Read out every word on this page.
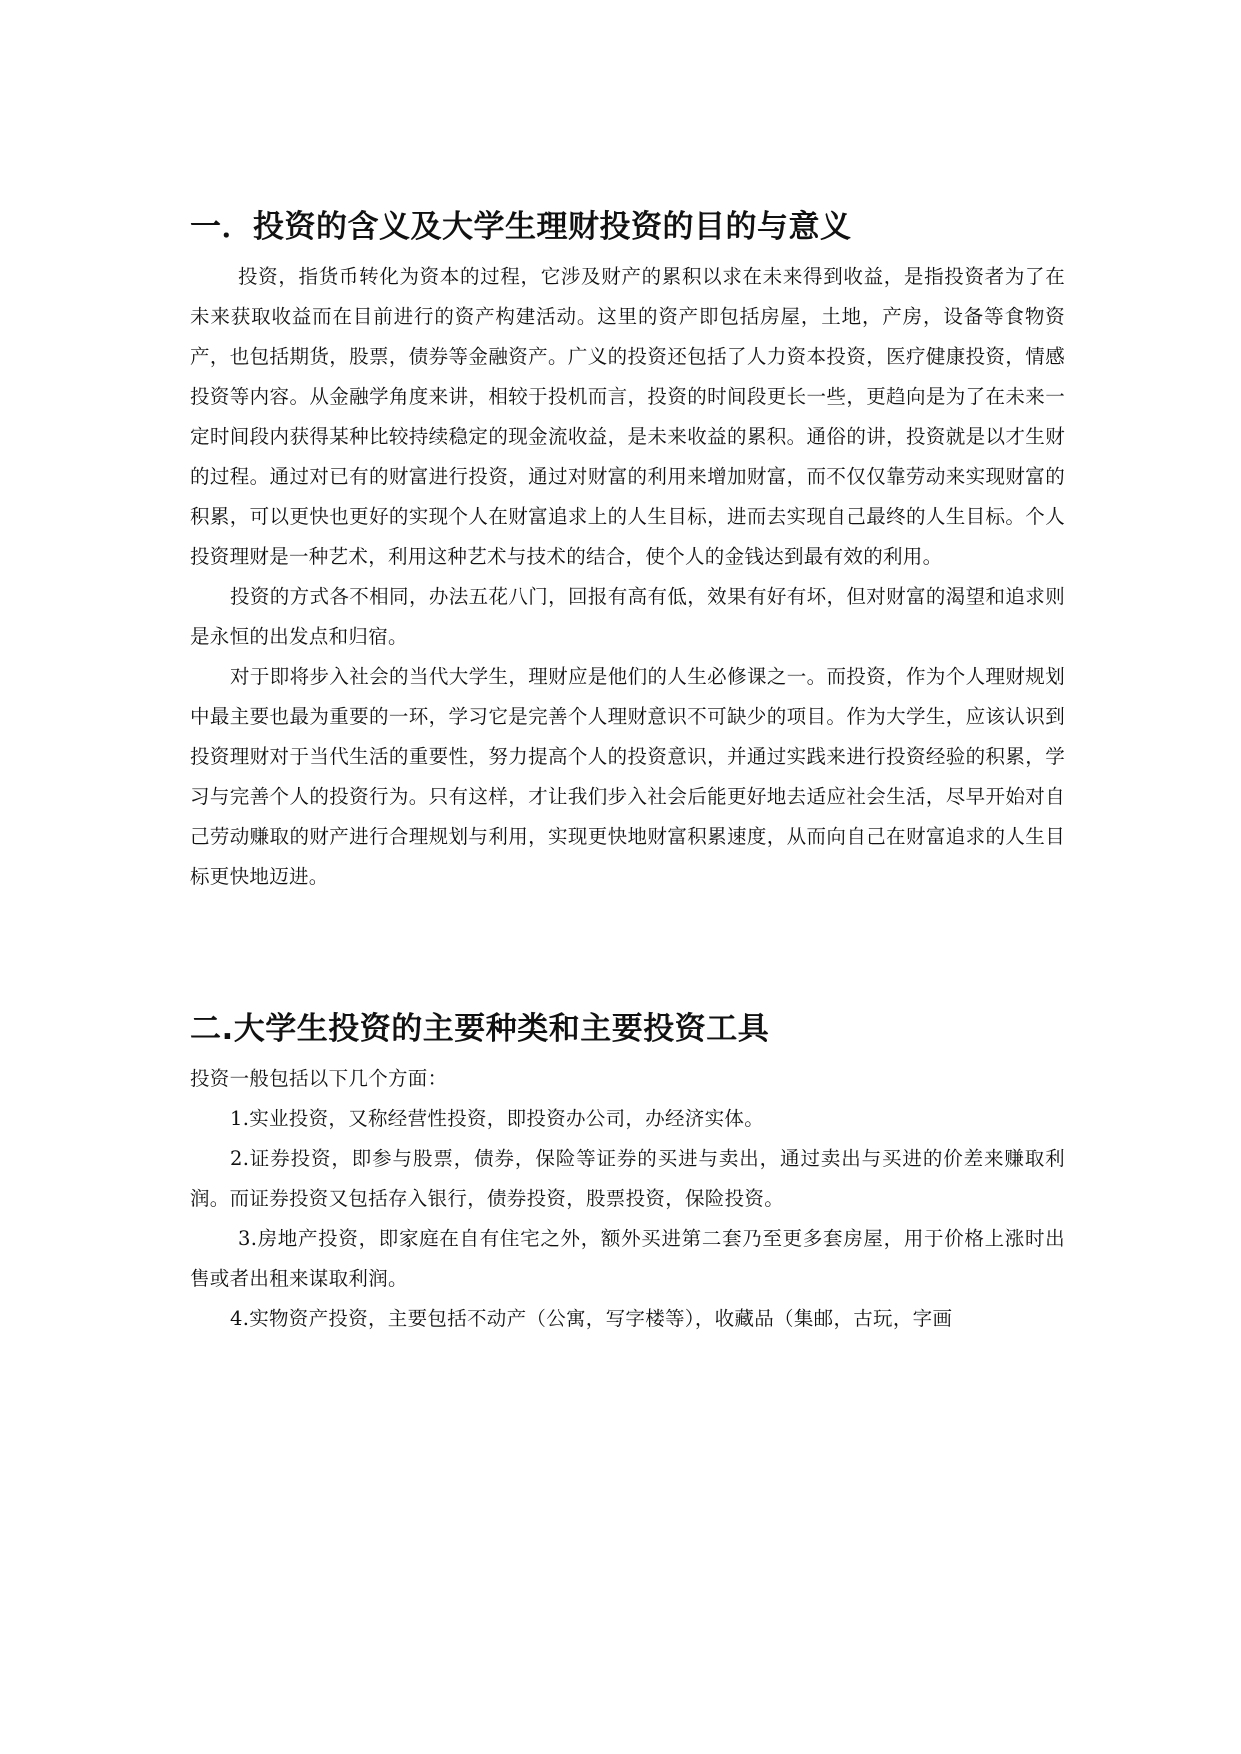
一．投资的含义及大学生理财投资的目的与意义

投资，指货币转化为资本的过程，它涉及财产的累积以求在未来得到收益，是指投资者为了在未来获取收益而在目前进行的资产构建活动。这里的资产即包括房屋，土地，产房，设备等食物资产，也包括期货，股票，债券等金融资产。广义的投资还包括了人力资本投资，医疗健康投资，情感投资等内容。从金融学角度来讲，相较于投机而言，投资的时间段更长一些，更趋向是为了在未来一定时间段内获得某种比较持续稳定的现金流收益，是未来收益的累积。通俗的讲，投资就是以才生财的过程。通过对已有的财富进行投资，通过对财富的利用来增加财富，而不仅仅靠劳动来实现财富的积累，可以更快也更好的实现个人在财富追求上的人生目标，进而去实现自己最终的人生目标。个人投资理财是一种艺术，利用这种艺术与技术的结合，使个人的金钱达到最有效的利用。

投资的方式各不相同，办法五花八门，回报有高有低，效果有好有坏，但对财富的渴望和追求则是永恒的出发点和归宿。

对于即将步入社会的当代大学生，理财应是他们的人生必修课之一。而投资，作为个人理财规划中最主要也最为重要的一环，学习它是完善个人理财意识不可缺少的项目。作为大学生，应该认识到投资理财对于当代生活的重要性，努力提高个人的投资意识，并通过实践来进行投资经验的积累，学习与完善个人的投资行为。只有这样，才让我们步入社会后能更好地去适应社会生活，尽早开始对自己劳动赚取的财产进行合理规划与利用，实现更快地财富积累速度，从而向自己在财富追求的人生目标更快地迈进。

二.大学生投资的主要种类和主要投资工具

投资一般包括以下几个方面：

1.实业投资，又称经营性投资，即投资办公司，办经济实体。

2.证券投资，即参与股票，债券，保险等证券的买进与卖出，通过卖出与买进的价差来赚取利润。而证券投资又包括存入银行，债券投资，股票投资，保险投资。

3.房地产投资，即家庭在自有住宅之外，额外买进第二套乃至更多套房屋，用于价格上涨时出售或者出租来谋取利润。

4.实物资产投资，主要包括不动产（公寓，写字楼等），收藏品（集邮，古玩，字画
